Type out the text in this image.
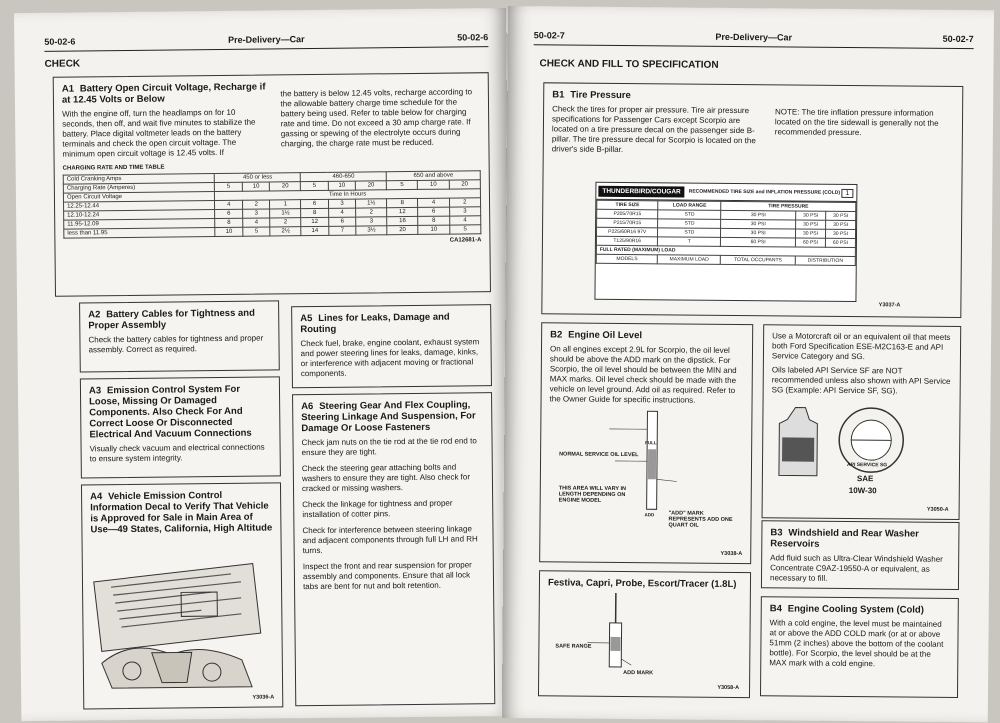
50-02-6	Pre-Delivery—Car	50-02-6
CHECK
A1 Battery Open Circuit Voltage, Recharge if at 12.45 Volts or Below
With the engine off, turn the headlamps on for 10 seconds, then off, and wait five minutes to stabilize the battery. Place digital voltmeter leads on the battery terminals and check the open circuit voltage. The minimum open circuit voltage is 12.45 volts. If
the battery is below 12.45 volts, recharge according to the allowable battery charge time schedule for the battery being used. Refer to table below for charging rate and time. Do not exceed a 30 amp charge rate. If gassing or spewing of the electrolyte occurs during charging, the charge rate must be reduced.
CHARGING RATE AND TIME TABLE
Cold Cranking Amps	450 or less			460-650			650 and above		
Charging Rate (Amperes)	5	10	20	5	10	20	5	10	20
Open Circuit Voltage	Time In Hours								
12.25-12.44	4	2	1	6	3	1½	8	4	2
12.10-12.24	6	3	1½	8	4	2	12	6	3
11.95-12.09	8	4	2	12	6	3	16	8	4
less than 11.95	10	5	2½	14	7	3½	20	10	5
CA12681-A
A2 Battery Cables for Tightness and Proper Assembly
Check the battery cables for tightness and proper assembly. Correct as required.
A3 Emission Control System For Loose, Missing Or Damaged Components. Also Check For And Correct Loose Or Disconnected Electrical And Vacuum Connections
Visually check vacuum and electrical connections to ensure system integrity.
A4 Vehicle Emission Control Information Decal to Verify That Vehicle is Approved for Sale in Main Area of Use—49 States, California, High Altitude
Y3036-A
A5 Lines for Leaks, Damage and Routing
Check fuel, brake, engine coolant, exhaust system and power steering lines for leaks, damage, kinks, or interference with adjacent moving or fractional components.
A6 Steering Gear And Flex Coupling, Steering Linkage And Suspension, For Damage Or Loose Fasteners
Check jam nuts on the tie rod at the tie rod end to ensure they are tight.
Check the steering gear attaching bolts and washers to ensure they are tight. Also check for cracked or missing washers.
Check the linkage for tightness and proper installation of cotter pins.
Check for interference between steering linkage and adjacent components through full LH and RH turns.
Inspect the front and rear suspension for proper assembly and components. Ensure that all lock tabs are bent for nut and bolt retention.
50-02-7	Pre-Delivery—Car	50-02-7
CHECK AND FILL TO SPECIFICATION
B1 Tire Pressure
Check the tires for proper air pressure. Tire air pressure specifications for Passenger Cars except Scorpio are located on a tire pressure decal on the passenger side B-pillar. The tire pressure decal for Scorpio is located on the driver's side B-pillar.
NOTE: The tire inflation pressure information located on the tire sidewall is generally not the recommended pressure.
THUNDERBIRD/COUGAR	RECOMMENDED TIRE SIZE and INFLATION PRESSURE (COLD) 1
TIRE SIZE	LOAD RANGE	TIRE PRESSURE		
P205/70R15	STD	30 PSI	30 PSI	30 PSI
P215/70R15	STD	30 PSI	30 PSI	30 PSI
P225/60R16 97V	STD	30 PSI	30 PSI	30 PSI
T125/90R16	T	60 PSI	60 PSI	60 PSI
FULL RATED (MAXIMUM) LOAD				
MODELS	MAXIMUM LOAD	TOTAL OCCUPANTS	DISTRIBUTION	
Y3037-A
B2 Engine Oil Level
On all engines except 2.9L for Scorpio, the oil level should be above the ADD mark on the dipstick. For Scorpio, the oil level should be between the MIN and MAX marks. Oil level check should be made with the vehicle on level ground. Add oil as required. Refer to the Owner Guide for specific instructions.
NORMAL SERVICE OIL LEVEL
THIS AREA WILL VARY IN LENGTH DEPENDING ON ENGINE MODEL
"ADD" MARK REPRESENTS ADD ONE QUART OIL
FULL
ADD
Y3038-A
Use a Motorcraft oil or an equivalent oil that meets both Ford Specification ESE-M2C163-E and API Service Category and SG.
Oils labeled API Service SF are NOT recommended unless also shown with API Service SG (Example: API Service SF, SG).
SAE
10W-30
API SERVICE SG
Y3050-A
Festiva, Capri, Probe, Escort/Tracer (1.8L)
SAFE RANGE
ADD MARK
Y3058-A
B3 Windshield and Rear Washer Reservoirs
Add fluid such as Ultra-Clear Windshield Washer Concentrate C9AZ-19550-A or equivalent, as necessary to fill.
B4 Engine Cooling System (Cold)
With a cold engine, the level must be maintained at or above the ADD COLD mark (or at or above 51mm (2 inches) above the bottom of the coolant bottle). For Scorpio, the level should be at the MAX mark with a cold engine.
